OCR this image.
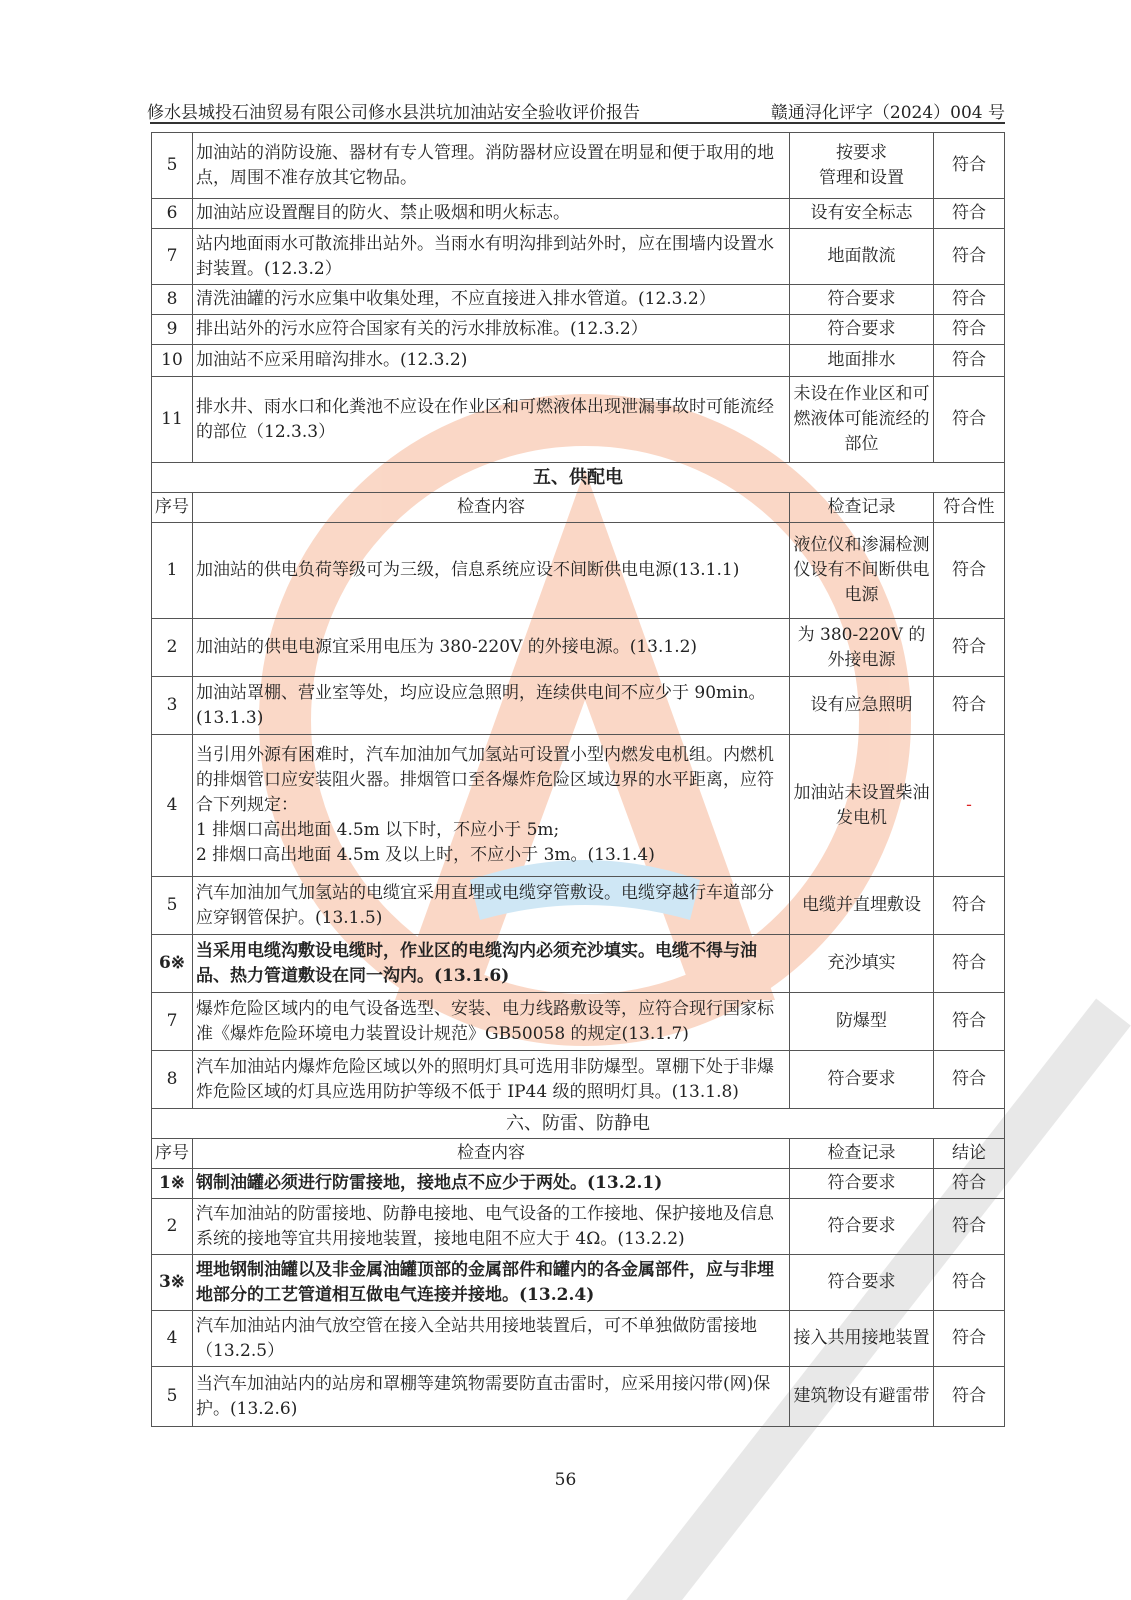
修水县城投石油贸易有限公司修水县洪坑加油站安全验收评价报告	赣通浔化评字（2024）004 号
5	加油站的消防设施、器材有专人管理。消防器材应设置在明显和便于取用的地点，周围不准存放其它物品。	按要求
管理和设置	符合
6	加油站应设置醒目的防火、禁止吸烟和明火标志。	设有安全标志	符合
7	站内地面雨水可散流排出站外。当雨水有明沟排到站外时，应在围墙内设置水封装置。(12.3.2）	地面散流	符合
8	清洗油罐的污水应集中收集处理，不应直接进入排水管道。(12.3.2）	符合要求	符合
9	排出站外的污水应符合国家有关的污水排放标准。(12.3.2）	符合要求	符合
10	加油站不应采用暗沟排水。(12.3.2)	地面排水	符合
11	排水井、雨水口和化粪池不应设在作业区和可燃液体出现泄漏事故时可能流经的部位（12.3.3）	未设在作业区和可燃液体可能流经的部位	符合
五、供配电			
序号	检查内容	检查记录	符合性
1	加油站的供电负荷等级可为三级，信息系统应设不间断供电电源(13.1.1)	液位仪和渗漏检测仪设有不间断供电电源	符合
2	加油站的供电电源宜采用电压为 380-220V 的外接电源。(13.1.2)	为 380-220V 的外接电源	符合
3	加油站罩棚、营业室等处，均应设应急照明，连续供电间不应少于 90min。(13.1.3)	设有应急照明	符合
4	当引用外源有困难时，汽车加油加气加氢站可设置小型内燃发电机组。内燃机的排烟管口应安装阻火器。排烟管口至各爆炸危险区域边界的水平距离，应符合下列规定：
1 排烟口高出地面 4.5m 以下时，不应小于 5m;
2 排烟口高出地面 4.5m 及以上时，不应小于 3m。(13.1.4)	加油站未设置柴油发电机	-
5	汽车加油加气加氢站的电缆宜采用直埋或电缆穿管敷设。电缆穿越行车道部分应穿钢管保护。(13.1.5)	电缆并直埋敷设	符合
6※	当采用电缆沟敷设电缆时，作业区的电缆沟内必须充沙填实。电缆不得与油品、热力管道敷设在同一沟内。(13.1.6)	充沙填实	符合
7	爆炸危险区域内的电气设备选型、安装、电力线路敷设等，应符合现行国家标准《爆炸危险环境电力装置设计规范》GB50058 的规定(13.1.7)	防爆型	符合
8	汽车加油站内爆炸危险区域以外的照明灯具可选用非防爆型。罩棚下处于非爆炸危险区域的灯具应选用防护等级不低于 IP44 级的照明灯具。(13.1.8)	符合要求	符合
六、防雷、防静电			
序号	检查内容	检查记录	结论
1※	钢制油罐必须进行防雷接地，接地点不应少于两处。(13.2.1)	符合要求	符合
2	汽车加油站的防雷接地、防静电接地、电气设备的工作接地、保护接地及信息系统的接地等宜共用接地装置，接地电阻不应大于 4Ω。(13.2.2)	符合要求	符合
3※	埋地钢制油罐以及非金属油罐顶部的金属部件和罐内的各金属部件，应与非埋地部分的工艺管道相互做电气连接并接地。(13.2.4)	符合要求	符合
4	汽车加油站内油气放空管在接入全站共用接地装置后，可不单独做防雷接地（13.2.5）	接入共用接地装置	符合
5	当汽车加油站内的站房和罩棚等建筑物需要防直击雷时，应采用接闪带(网)保护。(13.2.6)	建筑物设有避雷带	符合
56
